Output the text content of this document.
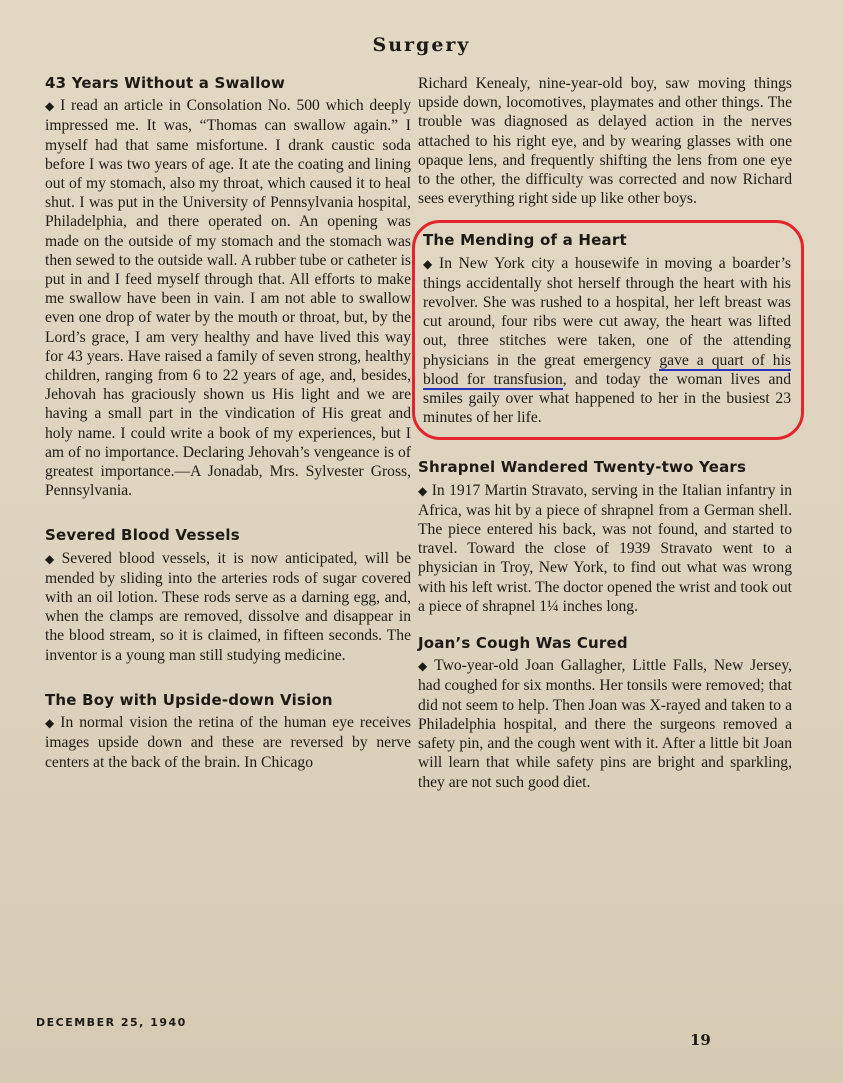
Surgery
43 Years Without a Swallow

◆ I read an article in Consolation No. 500 which deeply impressed me. It was, “Thomas can swallow again.” I myself had that same misfortune. I drank caustic soda before I was two years of age. It ate the coating and lining out of my stomach, also my throat, which caused it to heal shut. I was put in the University of Pennsylvania hospital, Philadelphia, and there operated on. An opening was made on the outside of my stomach and the stomach was then sewed to the outside wall. A rubber tube or catheter is put in and I feed myself through that. All efforts to make me swallow have been in vain. I am not able to swallow even one drop of water by the mouth or throat, but, by the Lord’s grace, I am very healthy and have lived this way for 43 years. Have raised a family of seven strong, healthy children, ranging from 6 to 22 years of age, and, besides, Jehovah has graciously shown us His light and we are having a small part in the vindication of His great and holy name. I could write a book of my experiences, but I am of no importance. Declaring Jehovah’s vengeance is of greatest importance.—A Jonadab, Mrs. Sylvester Gross, Pennsylvania.

Severed Blood Vessels

◆ Severed blood vessels, it is now anticipated, will be mended by sliding into the arteries rods of sugar covered with an oil lotion. These rods serve as a darning egg, and, when the clamps are removed, dissolve and disappear in the blood stream, so it is claimed, in fifteen seconds. The inventor is a young man still studying medicine.

The Boy with Upside-down Vision

◆ In normal vision the retina of the human eye receives images upside down and these are reversed by nerve centers at the back of the brain. In Chicago

Richard Kenealy, nine-year-old boy, saw moving things upside down, locomotives, playmates and other things. The trouble was diagnosed as delayed action in the nerves attached to his right eye, and by wearing glasses with one opaque lens, and frequently shifting the lens from one eye to the other, the difficulty was corrected and now Richard sees everything right side up like other boys.

The Mending of a Heart

◆ In New York city a housewife in moving a boarder’s things accidentally shot herself through the heart with his revolver. She was rushed to a hospital, her left breast was cut around, four ribs were cut away, the heart was lifted out, three stitches were taken, one of the attending physicians in the great emergency gave a quart of his blood for transfusion, and today the woman lives and smiles gaily over what happened to her in the busiest 23 minutes of her life.

Shrapnel Wandered Twenty-two Years

◆ In 1917 Martin Stravato, serving in the Italian infantry in Africa, was hit by a piece of shrapnel from a German shell. The piece entered his back, was not found, and started to travel. Toward the close of 1939 Stravato went to a physician in Troy, New York, to find out what was wrong with his left wrist. The doctor opened the wrist and took out a piece of shrapnel 1¼ inches long.

Joan’s Cough Was Cured

◆ Two-year-old Joan Gallagher, Little Falls, New Jersey, had coughed for six months. Her tonsils were removed; that did not seem to help. Then Joan was X-rayed and taken to a Philadelphia hospital, and there the surgeons removed a safety pin, and the cough went with it. After a little bit Joan will learn that while safety pins are bright and sparkling, they are not such good diet.

DECEMBER 25, 1940
19
